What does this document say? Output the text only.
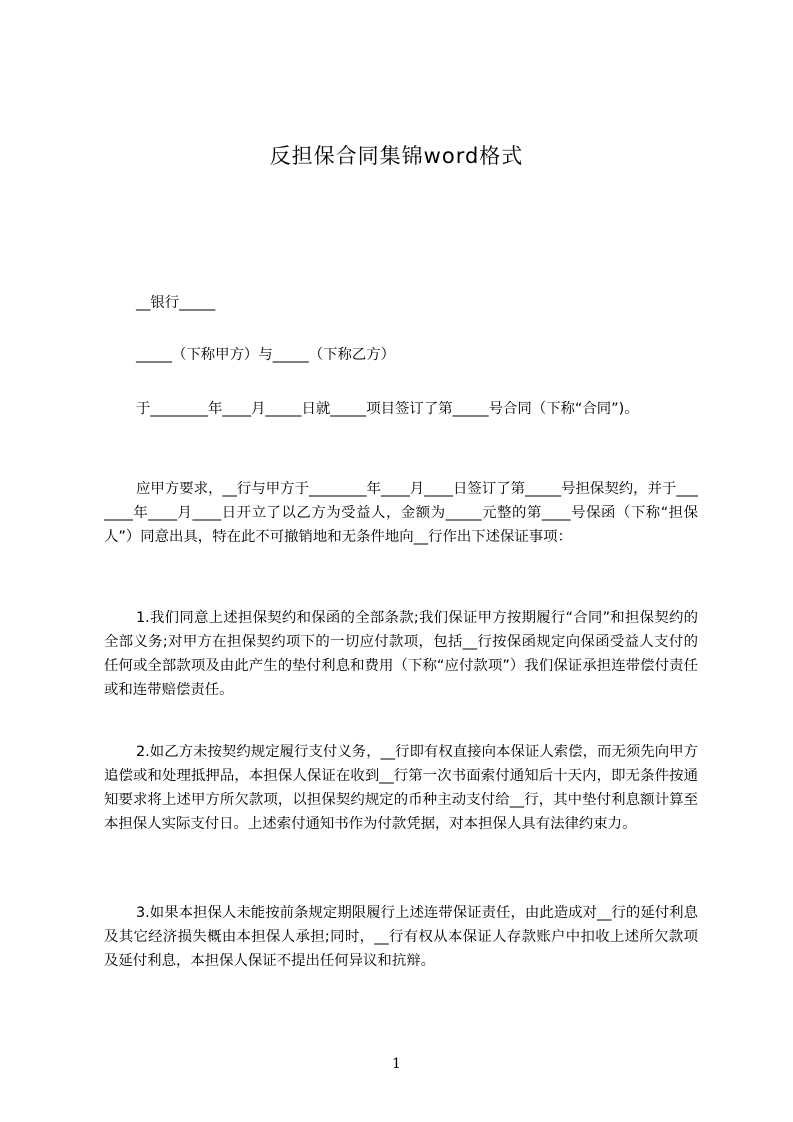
反担保合同集锦word格式

__银行_____

_____（下称甲方）与_____（下称乙方）

于________年____月_____日就_____项目签订了第_____号合同（下称“合同”)。

应甲方要求，__行与甲方于________年____月____日签订了第_____号担保契约，并于_______年____月____日开立了以乙方为受益人，金额为_____元整的第____号保函（下称“担保人”）同意出具，特在此不可撤销地和无条件地向__行作出下述保证事项：

1.我们同意上述担保契约和保函的全部条款;我们保证甲方按期履行“合同”和担保契约的全部义务;对甲方在担保契约项下的一切应付款项，包括__行按保函规定向保函受益人支付的任何或全部款项及由此产生的垫付利息和费用（下称“应付款项”）我们保证承担连带偿付责任或和连带赔偿责任。

2.如乙方未按契约规定履行支付义务，__行即有权直接向本保证人索偿，而无须先向甲方追偿或和处理抵押品，本担保人保证在收到__行第一次书面索付通知后十天内，即无条件按通知要求将上述甲方所欠款项，以担保契约规定的币种主动支付给__行，其中垫付利息额计算至本担保人实际支付日。上述索付通知书作为付款凭据，对本担保人具有法律约束力。

3.如果本担保人未能按前条规定期限履行上述连带保证责任，由此造成对__行的延付利息及其它经济损失概由本担保人承担;同时，__行有权从本保证人存款账户中扣收上述所欠款项及延付利息，本担保人保证不提出任何异议和抗辩。

1
